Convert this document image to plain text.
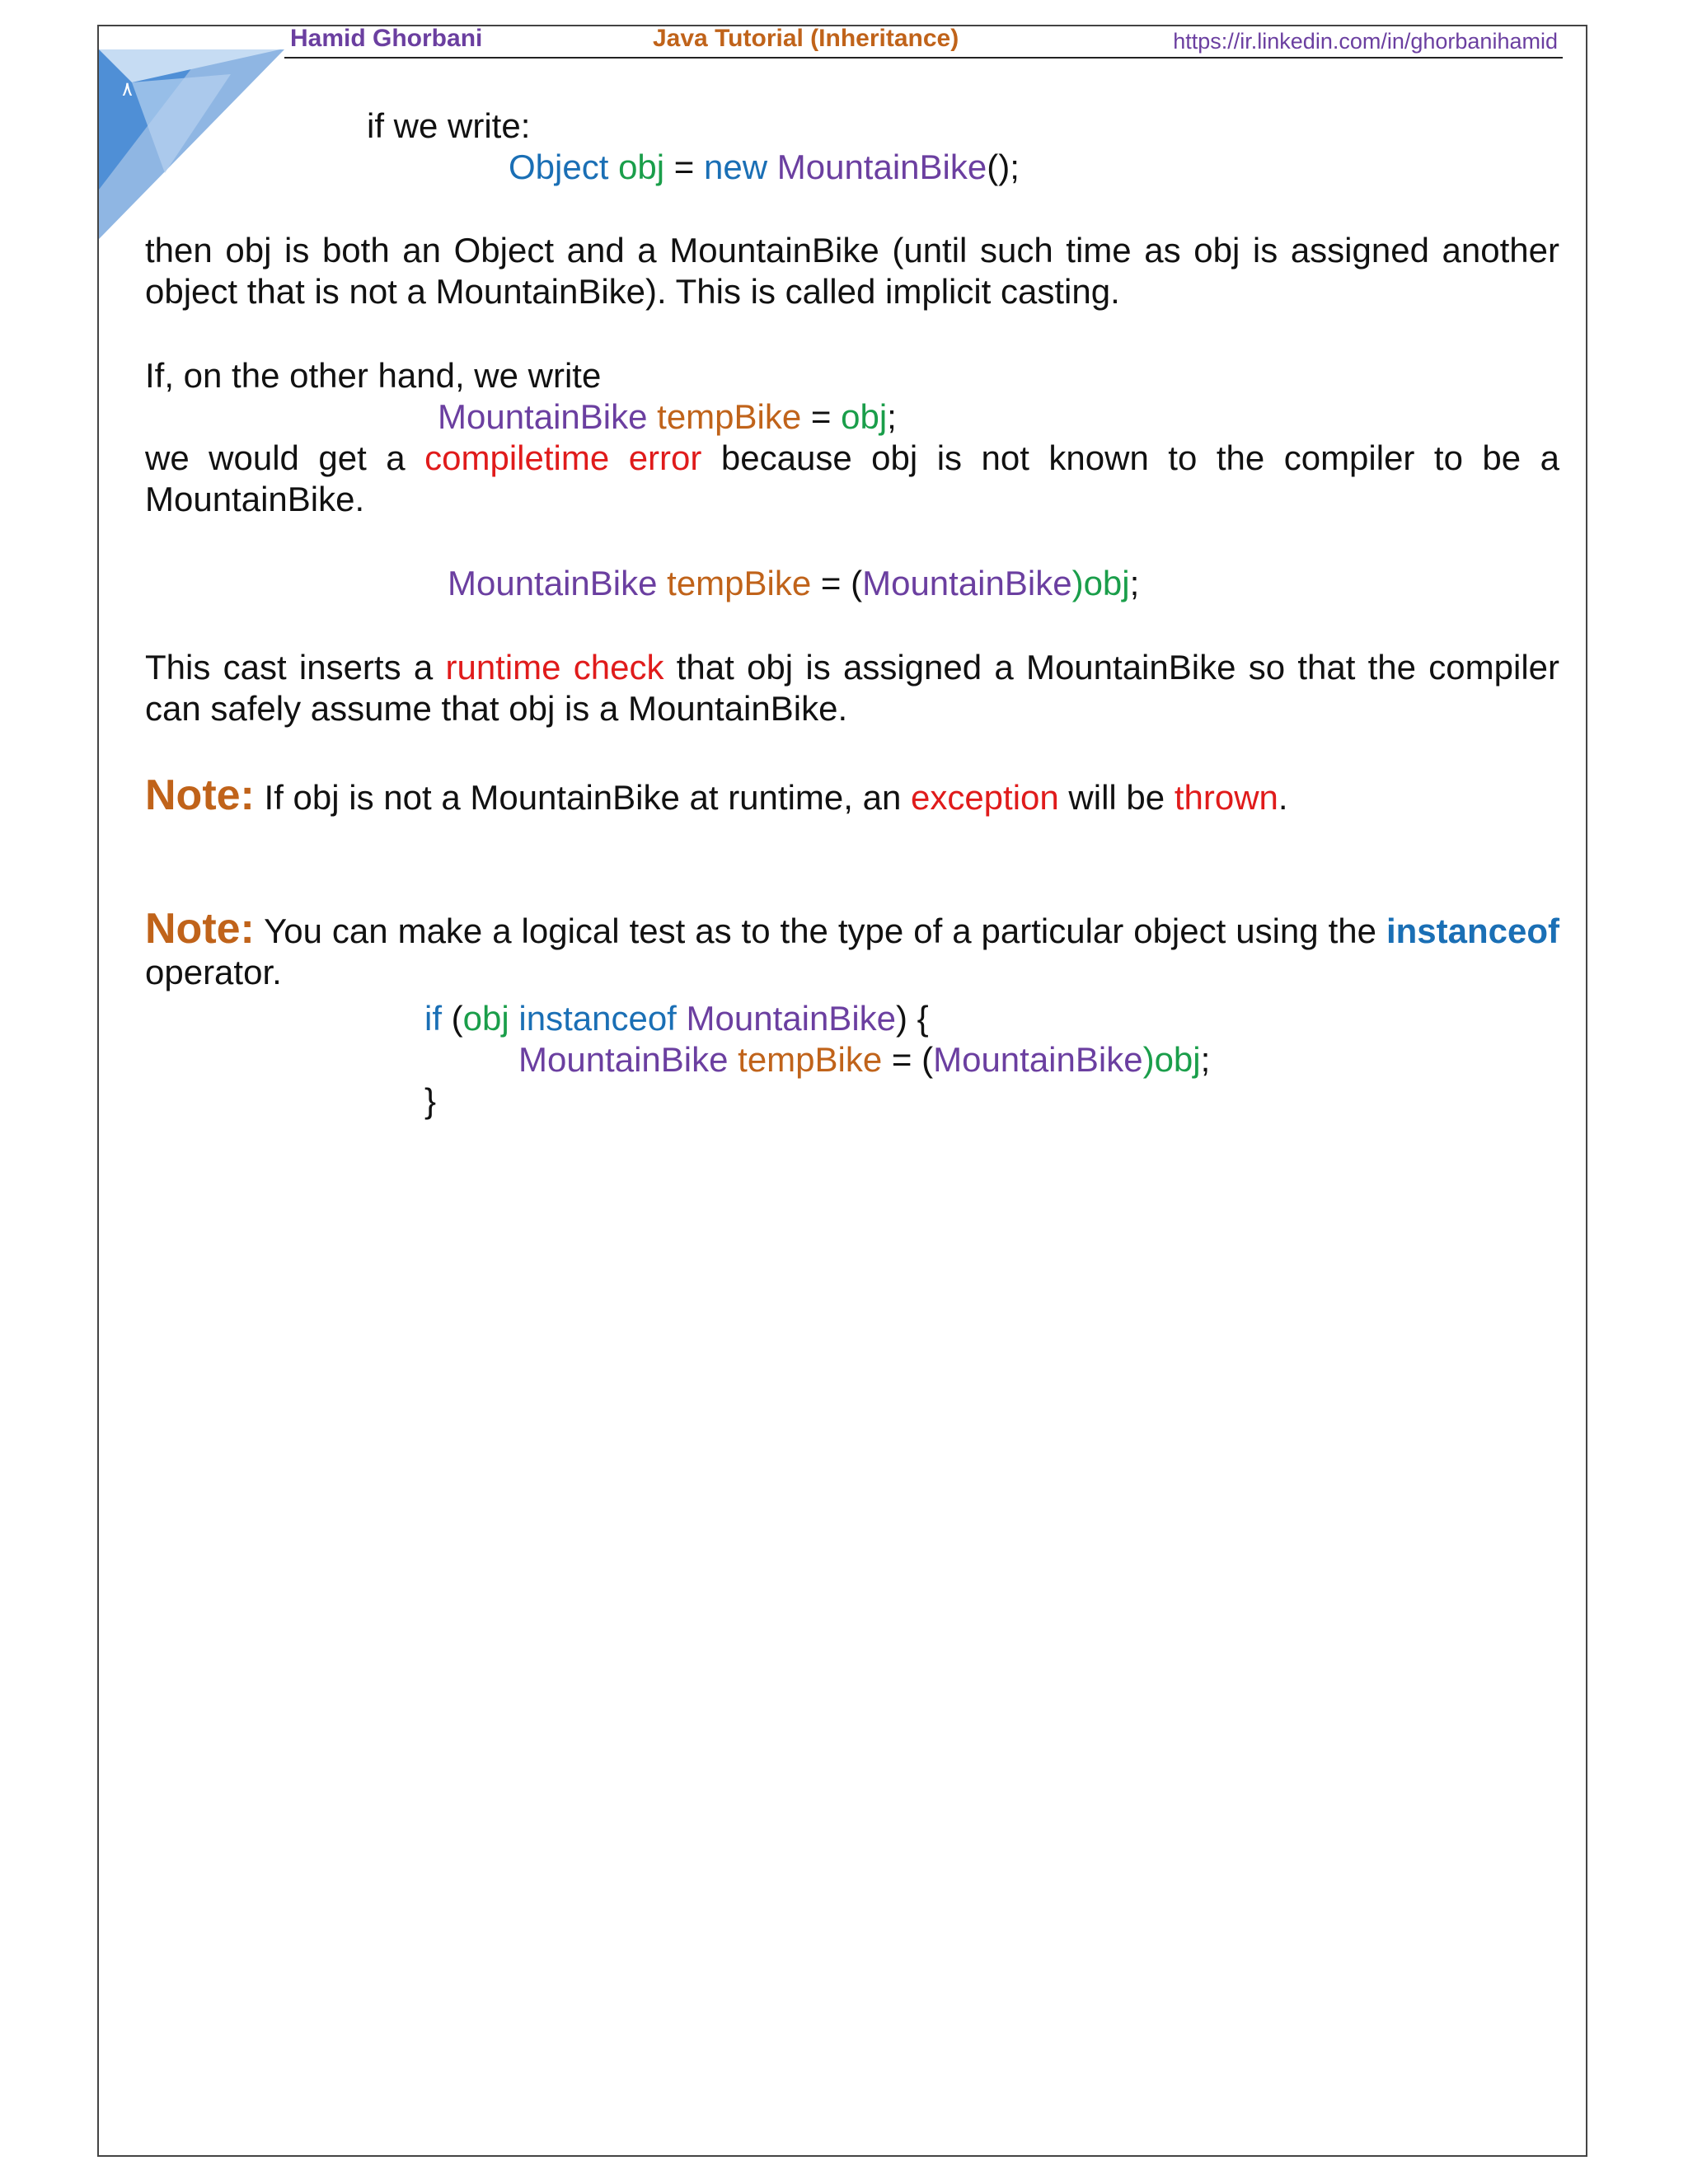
٨
Hamid Ghorbani	Java Tutorial (Inheritance)	https://ir.linkedin.com/in/ghorbanihamid
if we write:
Object obj = new MountainBike();
then obj is both an Object and a MountainBike (until such time as obj is assigned another object that is not a MountainBike). This is called implicit casting.
If, on the other hand, we write
MountainBike tempBike = obj;
we would get a compiletime error because obj is not known to the compiler to be a MountainBike.
MountainBike tempBike = (MountainBike)obj;
This cast inserts a runtime check that obj is assigned a MountainBike so that the compiler can safely assume that obj is a MountainBike.
Note: If obj is not a MountainBike at runtime, an exception will be thrown.
Note: You can make a logical test as to the type of a particular object using the instanceof operator.
if (obj instanceof MountainBike) {
MountainBike tempBike = (MountainBike)obj;
}
